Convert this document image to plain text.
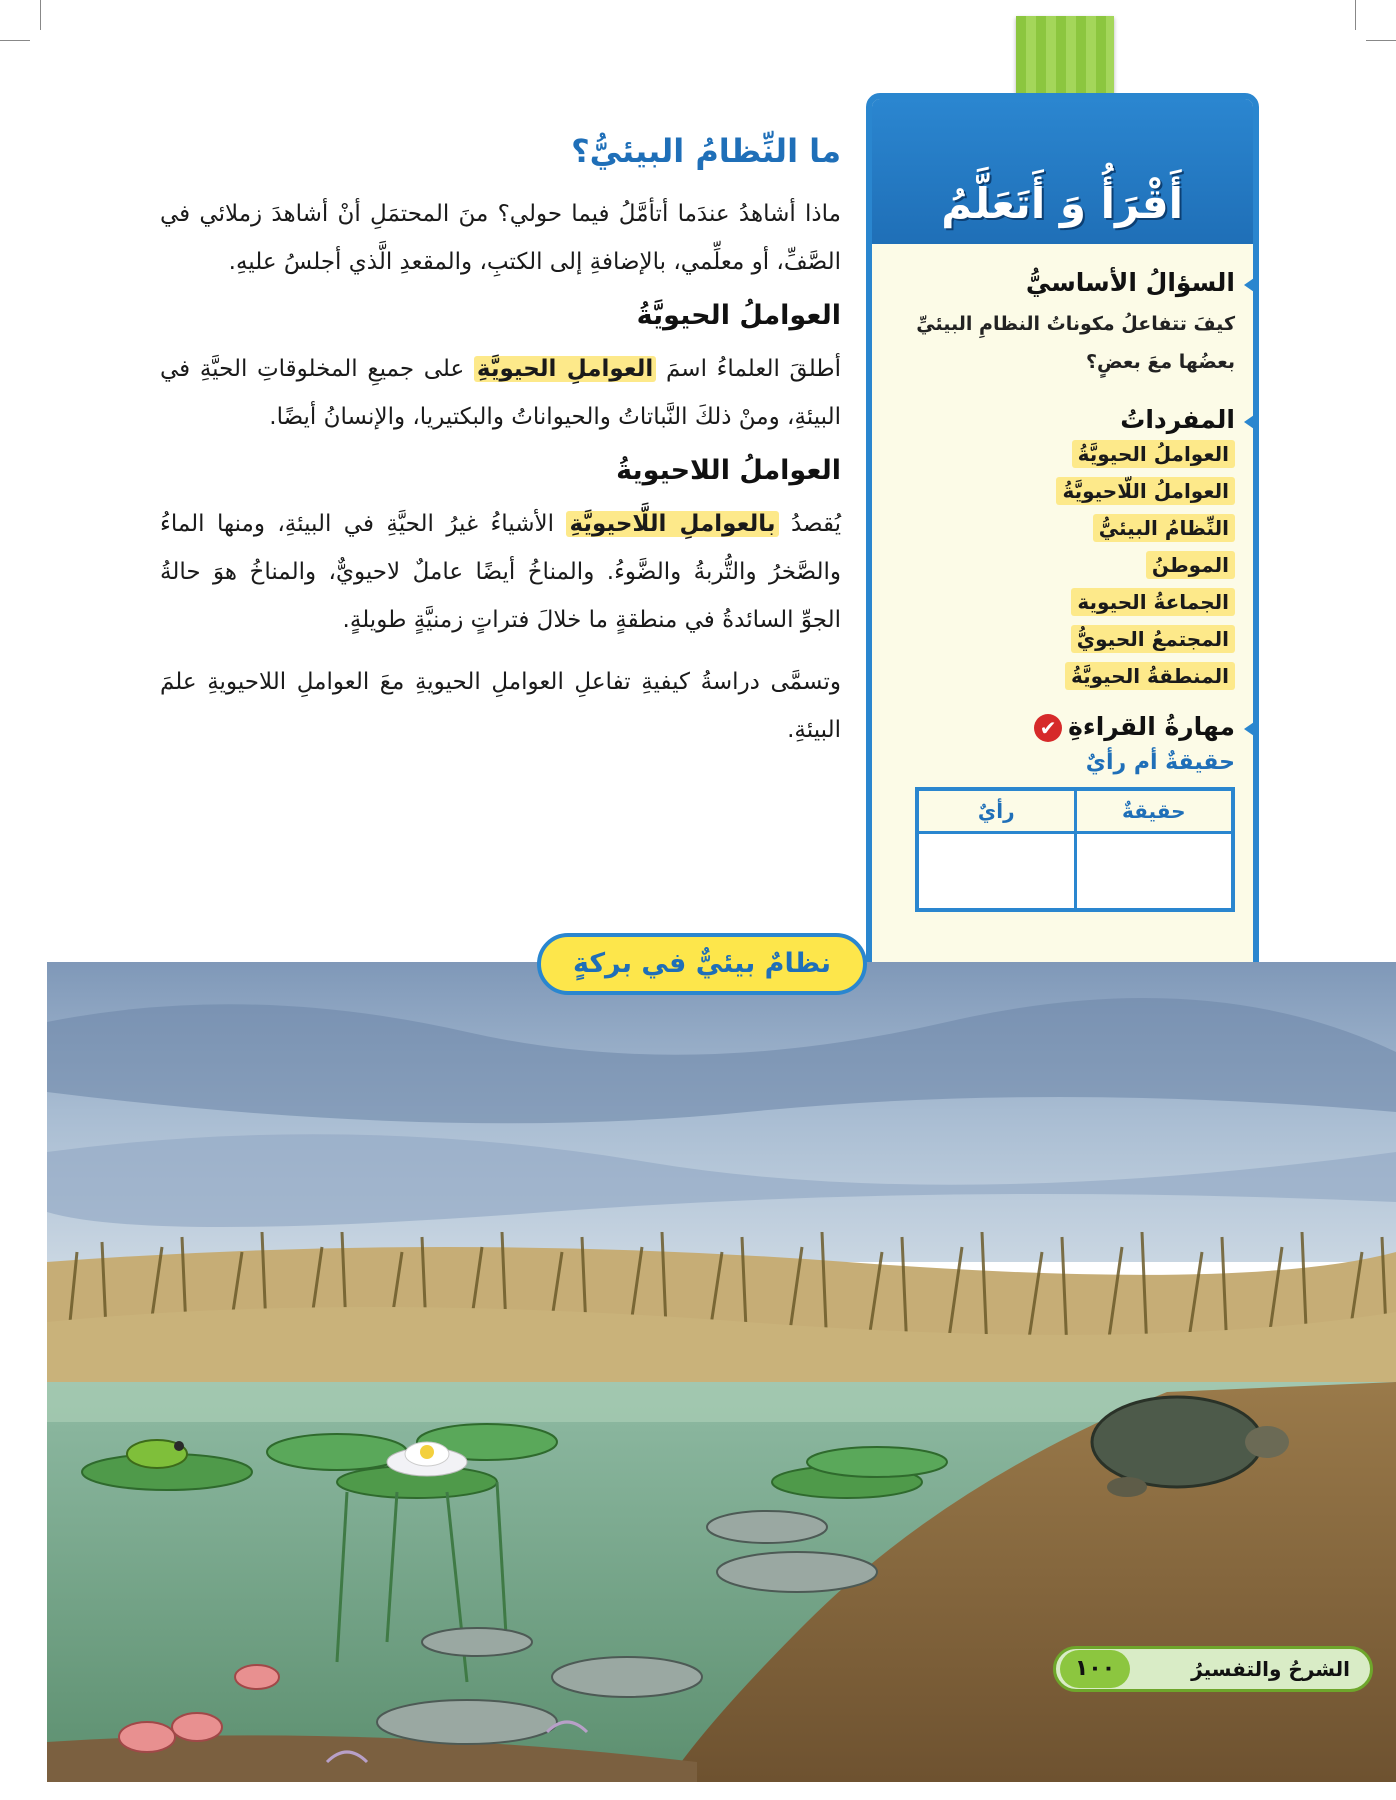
ما النِّظامُ البيئيُّ؟

ماذا أشاهدُ عندَما أتأمَّلُ فيما حولي؟ منَ المحتمَلِ أنْ أشاهدَ زملائي في الصَّفِّ، أو معلِّمي، بالإضافةِ إلى الكتبِ، والمقعدِ الَّذي أجلسُ عليهِ.

العواملُ الحيويَّةُ

أطلقَ العلماءُ اسمَ العواملِ الحيويَّةِ على جميعِ المخلوقاتِ الحيَّةِ في البيئةِ، ومنْ ذلكَ النَّباتاتُ والحيواناتُ والبكتيريا، والإنسانُ أيضًا.

العواملُ اللاحيويةُ

يُقصدُ بالعواملِ اللَّاحيويَّةِ الأشياءُ غيرُ الحيَّةِ في البيئةِ، ومنها الماءُ والصَّخرُ والتُّربةُ والضَّوءُ. والمناخُ أيضًا عاملٌ لاحيويٌّ، والمناخُ هوَ حالةُ الجوِّ السائدةُ في منطقةٍ ما خلالَ فتراتٍ زمنيَّةٍ طويلةٍ.

وتسمَّى دراسةُ كيفيةِ تفاعلِ العواملِ الحيويةِ معَ العواملِ اللاحيويةِ علمَ البيئةِ.

أَقْرَأُ وَ أَتَعَلَّمُ
السؤالُ الأساسيُّ
كيفَ تتفاعلُ مكوناتُ النظامِ البيئيِّ بعضُها معَ بعضٍ؟
المفرداتُ
العواملُ الحيويَّةُ
العواملُ اللّاحيويَّةُ
النِّظامُ البيئيُّ
الموطنُ
الجماعةُ الحيوية
المجتمعُ الحيويُّ
المنطقةُ الحيويَّةُ
مهارةُ القراءةِ✔
حقيقةٌ أم رأيٌ
حقيقةٌ	رأيٌ

نظامٌ بيئيٌّ في بركةٍ
الشرحُ والتفسيرُ
١٠٠
